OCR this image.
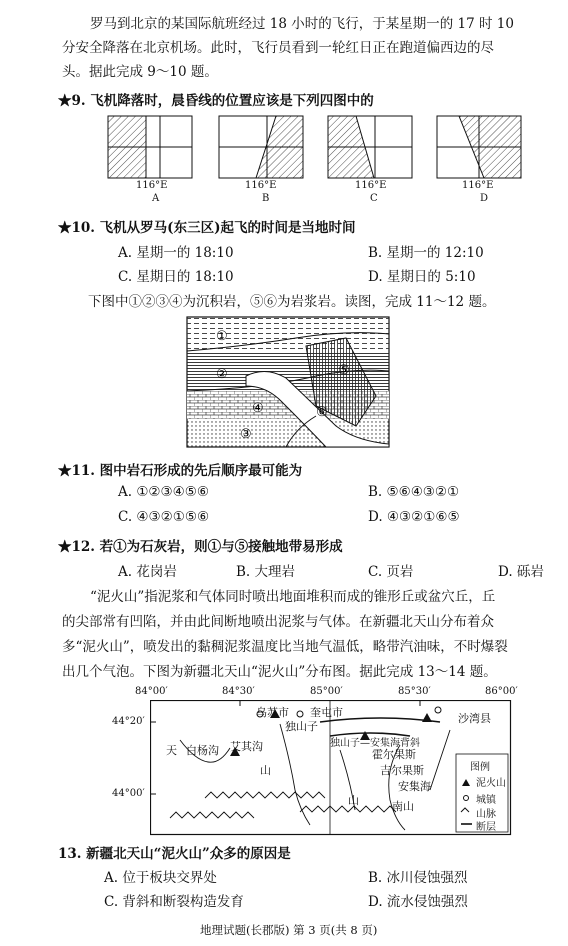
罗马到北京的某国际航班经过 18 小时的飞行，于某星期一的 17 时 10
分安全降落在北京机场。此时，飞行员看到一轮红日正在跑道偏西边的尽
头。据此完成 9～10 题。
★9. 飞机降落时，晨昏线的位置应该是下列四图中的
116°E	116°E	116°E	116°E
A	B	C	D
★10. 飞机从罗马(东三区)起飞的时间是当地时间
A. 星期一的 18:10	B. 星期一的 12:10
C. 星期日的 18:10	D. 星期日的 5:10
下图中①②③④为沉积岩，⑤⑥为岩浆岩。读图，完成 11～12 题。
①
②
③
④
⑤
⑥
★11. 图中岩石形成的先后顺序最可能为
A. ①②③④⑤⑥	B. ⑤⑥④③②①
C. ④③②①⑤⑥	D. ④③②①⑥⑤
★12. 若①为石灰岩，则①与⑤接触地带易形成
A. 花岗岩	B. 大理岩	C. 页岩	D. 砾岩
“泥火山”指泥浆和气体同时喷出地面堆积而成的锥形丘或盆穴丘，丘
的尖部常有凹陷，并由此间断地喷出泥浆与气体。在新疆北天山分布着众
多“泥火山”，喷发出的黏稠泥浆温度比当地气温低，略带汽油味，不时爆裂
出几个气泡。下图为新疆北天山“泥火山”分布图。据此完成 13～14 题。
84°00′	84°30′	85°00′	85°30′	86°00′
44°20′
44°00′
乌苏市 奎屯市
独山子
独山子—安集海背斜
霍尔果斯
沙湾县
白杨沟 艾其沟
吉尔果斯
安集海
南山
天
山
山
图例
泥火山
城镇
山脉
断层
13. 新疆北天山“泥火山”众多的原因是
A. 位于板块交界处	B. 冰川侵蚀强烈
C. 背斜和断裂构造发育	D. 流水侵蚀强烈
地理试题(长郡版) 第 3 页(共 8 页)
